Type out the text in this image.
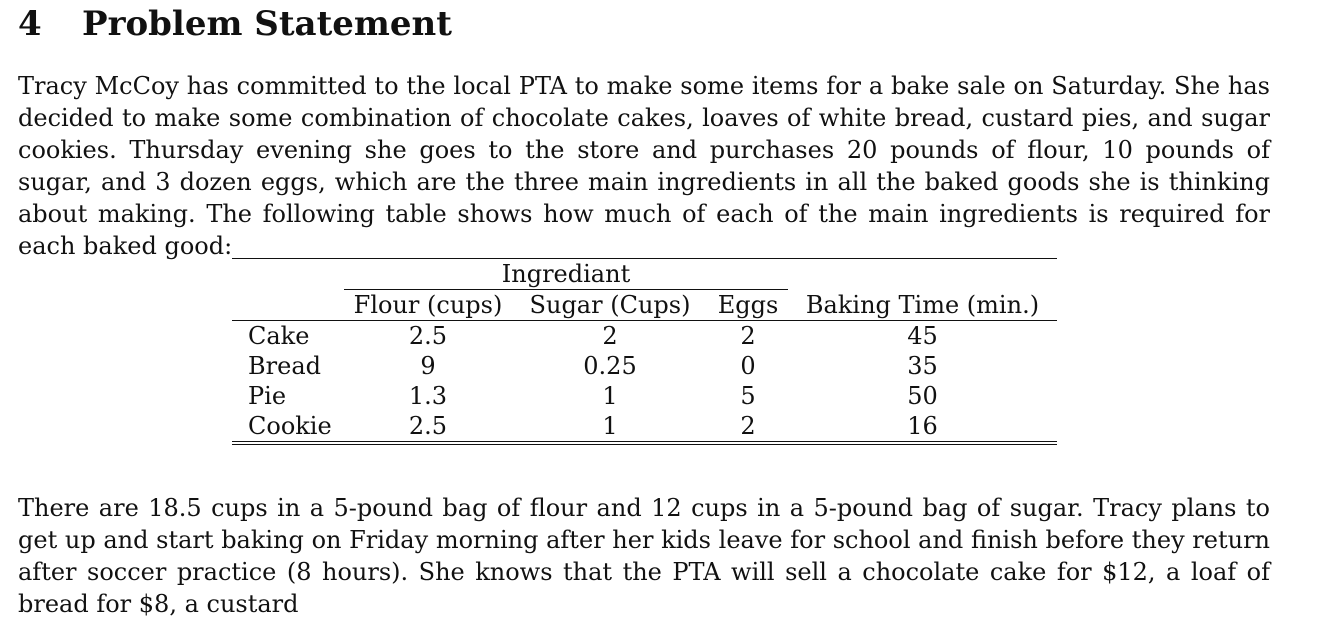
4 Problem Statement

Tracy McCoy has committed to the local PTA to make some items for a bake sale on Saturday. She has decided to make some combination of chocolate cakes, loaves of white bread, custard pies, and sugar cookies. Thursday evening she goes to the store and purchases 20 pounds of flour, 10 pounds of sugar, and 3 dozen eggs, which are the three main ingredients in all the baked goods she is thinking about making. The following table shows how much of each of the main ingredients is required for each baked good:

	Ingrediant			
	Flour (cups)	Sugar (Cups)	Eggs	Baking Time (min.)
Cake	2.5	2	2	45
Bread	9	0.25	0	35
Pie	1.3	1	5	50
Cookie	2.5	1	2	16

There are 18.5 cups in a 5-pound bag of flour and 12 cups in a 5-pound bag of sugar. Tracy plans to get up and start baking on Friday morning after her kids leave for school and finish before they return after soccer practice (8 hours). She knows that the PTA will sell a chocolate cake for $12, a loaf of bread for $8, a custard
